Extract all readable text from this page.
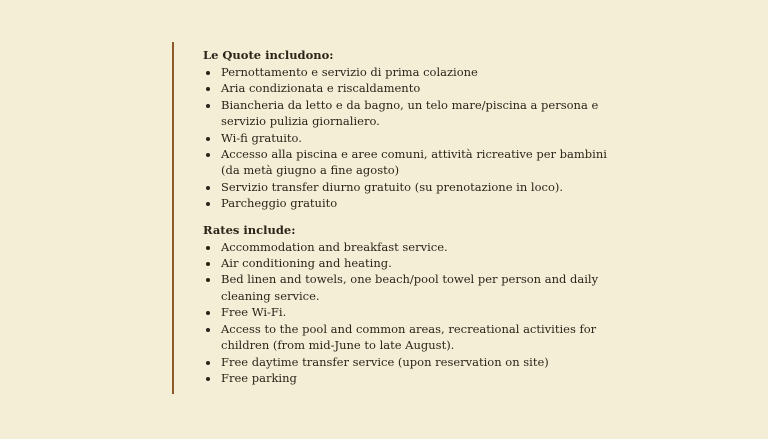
Le Quote includono:
Pernottamento e servizio di prima colazione
Aria condizionata e riscaldamento
Biancheria da letto e da bagno, un telo mare/piscina a persona e servizio pulizia giornaliero.
Wi-fi gratuito.
Accesso alla piscina e aree comuni, attività ricreative per bambini (da metà giugno a fine agosto)
Servizio transfer diurno gratuito (su prenotazione in loco).
Parcheggio gratuito
Rates include:
Accommodation and breakfast service.
Air conditioning and heating.
Bed linen and towels, one beach/pool towel per person and daily cleaning service.
Free Wi-Fi.
Access to the pool and common areas, recreational activities for children (from mid-June to late August).
Free daytime transfer service (upon reservation on site)
Free parking
